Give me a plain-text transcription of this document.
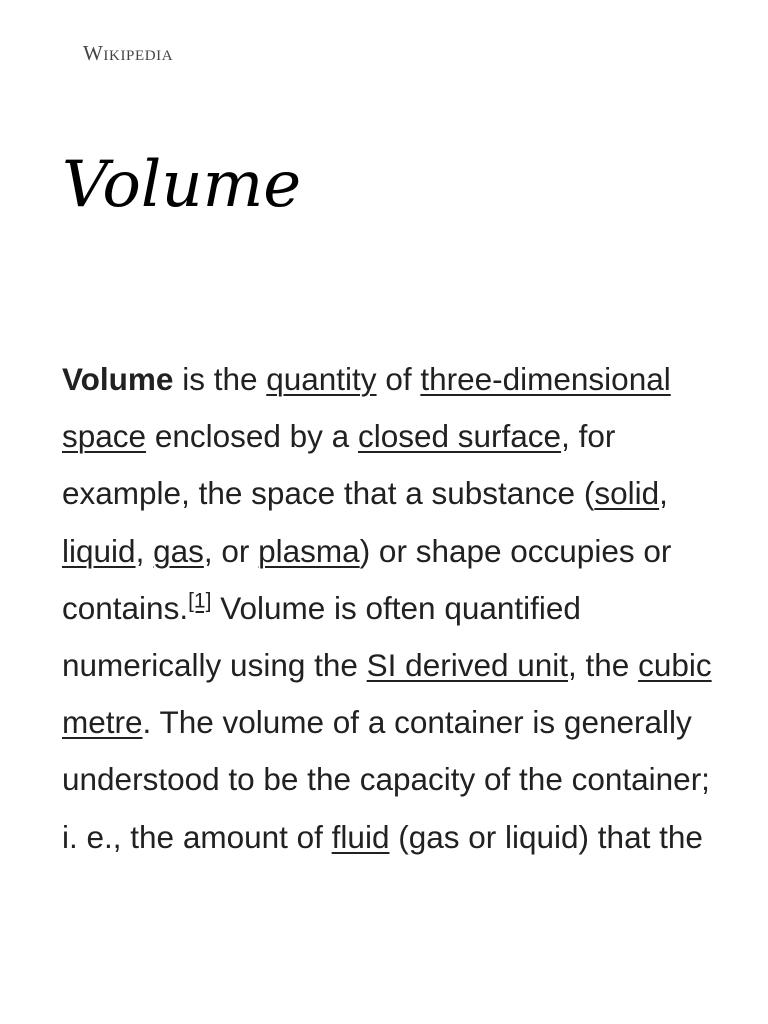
Wikipedia
Volume

Volume is the quantity of three-dimensional space enclosed by a closed surface, for example, the space that a substance (solid, liquid, gas, or plasma) or shape occupies or contains.[1] Volume is often quantified numerically using the SI derived unit, the cubic metre. The volume of a container is generally understood to be the capacity of the container; i. e., the amount of fluid (gas or liquid) that the
